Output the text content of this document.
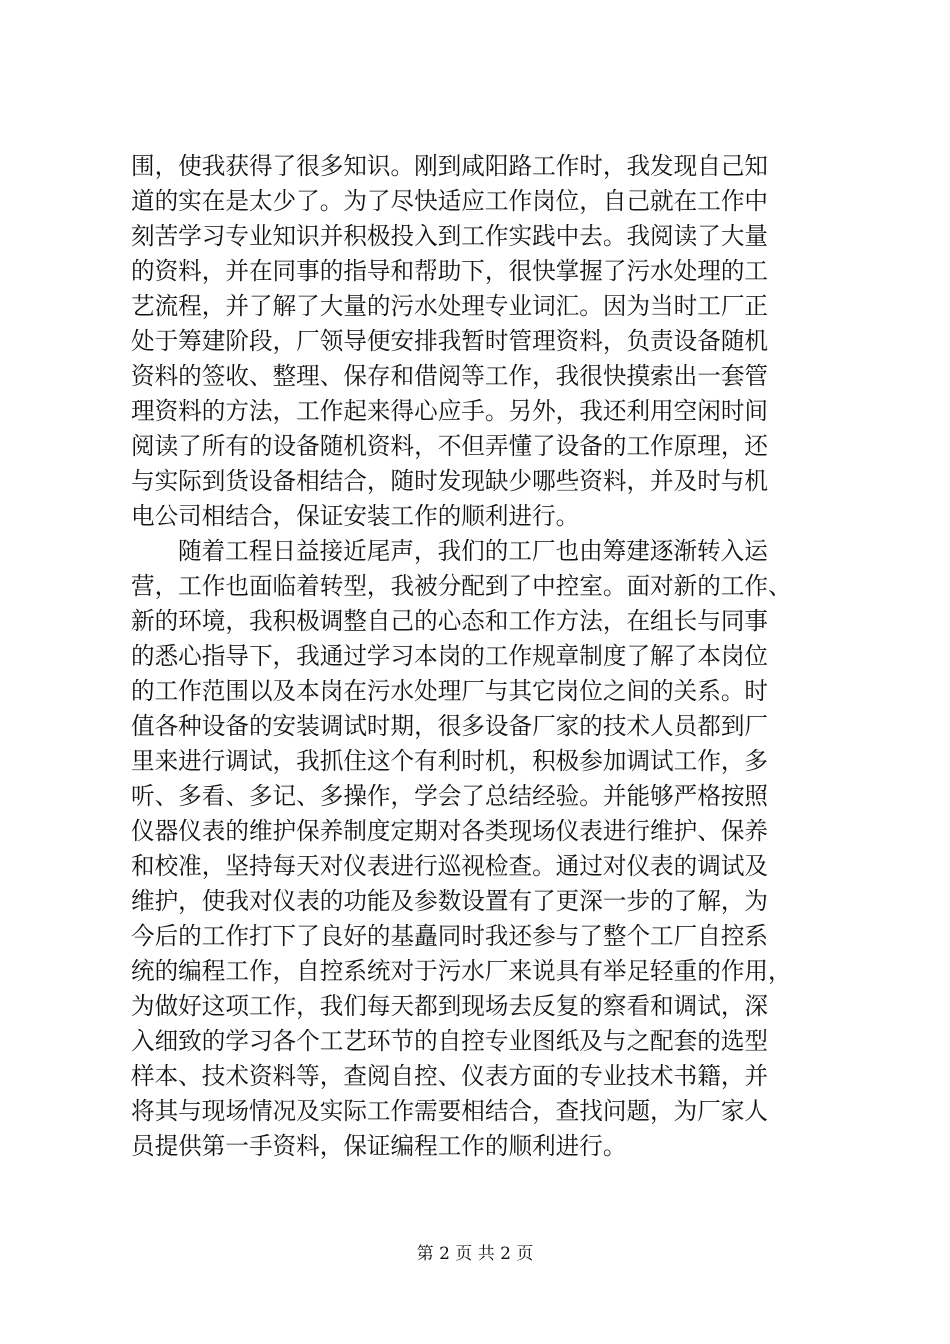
围，使我获得了很多知识。刚到咸阳路工作时，我发现自己知
道的实在是太少了。为了尽快适应工作岗位，自己就在工作中
刻苦学习专业知识并积极投入到工作实践中去。我阅读了大量
的资料，并在同事的指导和帮助下，很快掌握了污水处理的工
艺流程，并了解了大量的污水处理专业词汇。因为当时工厂正
处于筹建阶段，厂领导便安排我暂时管理资料，负责设备随机
资料的签收、整理、保存和借阅等工作，我很快摸索出一套管
理资料的方法，工作起来得心应手。另外，我还利用空闲时间
阅读了所有的设备随机资料，不但弄懂了设备的工作原理，还
与实际到货设备相结合，随时发现缺少哪些资料，并及时与机
电公司相结合，保证安装工作的顺利进行。
随着工程日益接近尾声，我们的工厂也由筹建逐渐转入运
营，工作也面临着转型，我被分配到了中控室。面对新的工作、
新的环境，我积极调整自己的心态和工作方法，在组长与同事
的悉心指导下，我通过学习本岗的工作规章制度了解了本岗位
的工作范围以及本岗在污水处理厂与其它岗位之间的关系。时
值各种设备的安装调试时期，很多设备厂家的技术人员都到厂
里来进行调试，我抓住这个有利时机，积极参加调试工作，多
听、多看、多记、多操作，学会了总结经验。并能够严格按照
仪器仪表的维护保养制度定期对各类现场仪表进行维护、保养
和校准，坚持每天对仪表进行巡视检查。通过对仪表的调试及
维护，使我对仪表的功能及参数设置有了更深一步的了解，为
今后的工作打下了良好的基矗同时我还参与了整个工厂自控系
统的编程工作，自控系统对于污水厂来说具有举足轻重的作用，
为做好这项工作，我们每天都到现场去反复的察看和调试，深
入细致的学习各个工艺环节的自控专业图纸及与之配套的选型
样本、技术资料等，查阅自控、仪表方面的专业技术书籍，并
将其与现场情况及实际工作需要相结合，查找问题，为厂家人
员提供第一手资料，保证编程工作的顺利进行。
第 2 页 共 2 页
